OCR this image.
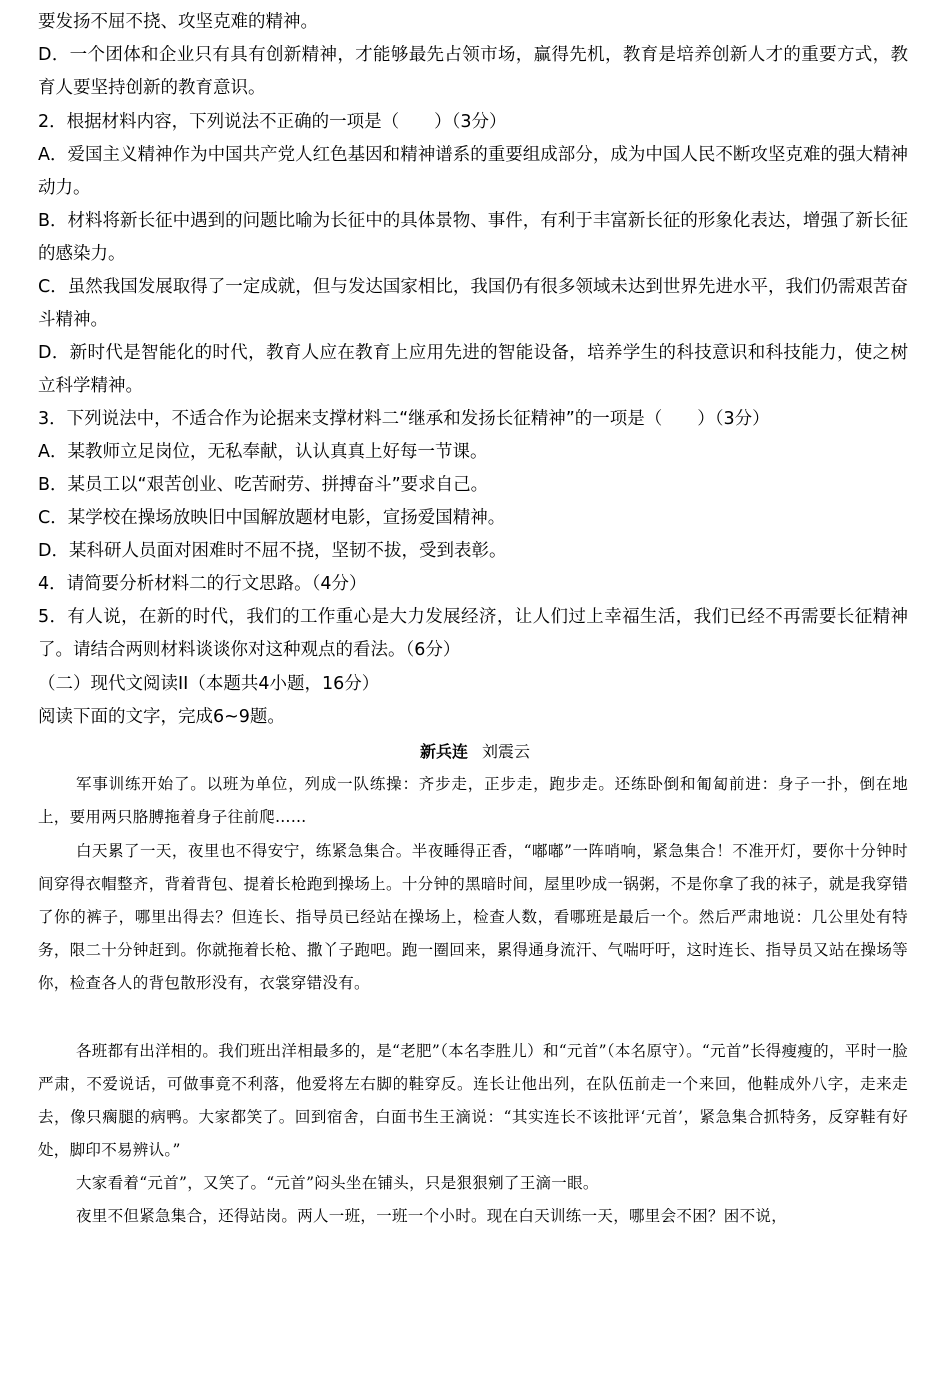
要发扬不屈不挠、攻坚克难的精神。
D．一个团体和企业只有具有创新精神，才能够最先占领市场，赢得先机，教育是培养创新人才的重要方式，教育人要坚持创新的教育意识。
2．根据材料内容，下列说法不正确的一项是（　　）（3分）
A．爱国主义精神作为中国共产党人红色基因和精神谱系的重要组成部分，成为中国人民不断攻坚克难的强大精神动力。
B．材料将新长征中遇到的问题比喻为长征中的具体景物、事件，有利于丰富新长征的形象化表达，增强了新长征的感染力。
C．虽然我国发展取得了一定成就，但与发达国家相比，我国仍有很多领域未达到世界先进水平，我们仍需艰苦奋斗精神。
D．新时代是智能化的时代，教育人应在教育上应用先进的智能设备，培养学生的科技意识和科技能力，使之树立科学精神。
3．下列说法中，不适合作为论据来支撑材料二“继承和发扬长征精神”的一项是（　　）（3分）
A．某教师立足岗位，无私奉献，认认真真上好每一节课。
B．某员工以“艰苦创业、吃苦耐劳、拼搏奋斗”要求自己。
C．某学校在操场放映旧中国解放题材电影，宣扬爱国精神。
D．某科研人员面对困难时不屈不挠，坚韧不拔，受到表彰。
4．请简要分析材料二的行文思路。（4分）
5．有人说，在新的时代，我们的工作重心是大力发展经济，让人们过上幸福生活，我们已经不再需要长征精神了。请结合两则材料谈谈你对这种观点的看法。（6分）
（二）现代文阅读II（本题共4小题，16分）
阅读下面的文字，完成6~9题。
新兵连 刘震云
军事训练开始了。以班为单位，列成一队练操：齐步走，正步走，跑步走。还练卧倒和匍匐前进：身子一扑，倒在地上，要用两只胳膊拖着身子往前爬……
白天累了一天，夜里也不得安宁，练紧急集合。半夜睡得正香，“嘟嘟”一阵哨响，紧急集合！不准开灯，要你十分钟时间穿得衣帽整齐，背着背包、提着长枪跑到操场上。十分钟的黑暗时间，屋里吵成一锅粥，不是你拿了我的袜子，就是我穿错了你的裤子，哪里出得去？但连长、指导员已经站在操场上，检查人数，看哪班是最后一个。然后严肃地说：几公里处有特务，限二十分钟赶到。你就拖着长枪、撒丫子跑吧。跑一圈回来，累得通身流汗、气喘吁吁，这时连长、指导员又站在操场等你，检查各人的背包散形没有，衣裳穿错没有。
各班都有出洋相的。我们班出洋相最多的，是“老肥”（本名李胜儿）和“元首”（本名原守）。“元首”长得瘦瘦的，平时一脸严肃，不爱说话，可做事竟不利落，他爱将左右脚的鞋穿反。连长让他出列，在队伍前走一个来回，他鞋成外八字，走来走去，像只瘸腿的病鸭。大家都笑了。回到宿舍，白面书生王滴说：“其实连长不该批评‘元首’，紧急集合抓特务，反穿鞋有好处，脚印不易辨认。”
大家看着“元首”，又笑了。“元首”闷头坐在铺头，只是狠狠剜了王滴一眼。
夜里不但紧急集合，还得站岗。两人一班，一班一个小时。现在白天训练一天，哪里会不困？困不说，
